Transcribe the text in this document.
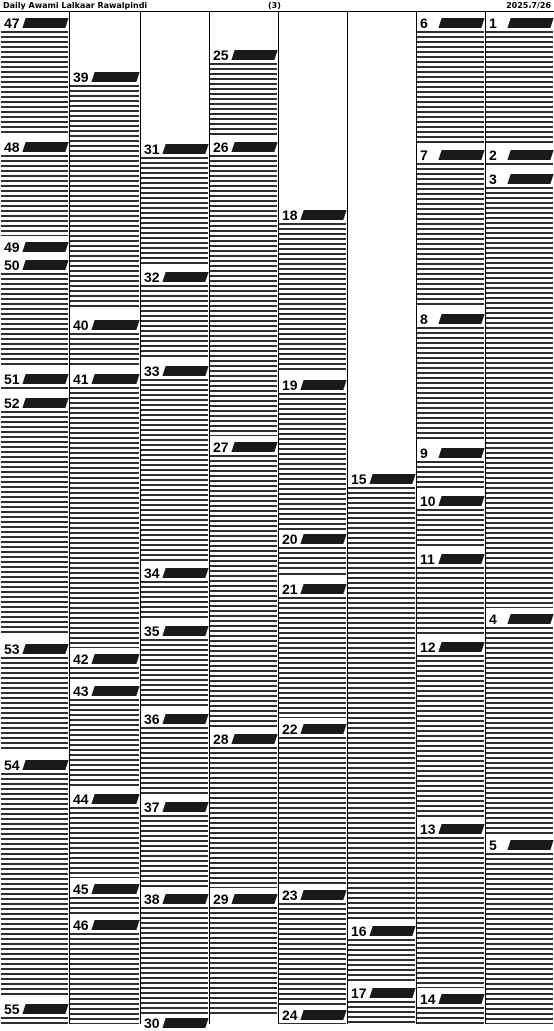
Daily Awami Lalkaar Rawalpindi	(3)	2025،7/26
47
48
49
50
51
52
53
54
55
39
40
41
42
43
44
45
46
31
32
33
34
35
36
37
38
30
25
26
27
28
29
18
19
20
21
22
23
24
15
16
17
6
7
8
9
10
11
12
13
14
1
2
3
4
5
